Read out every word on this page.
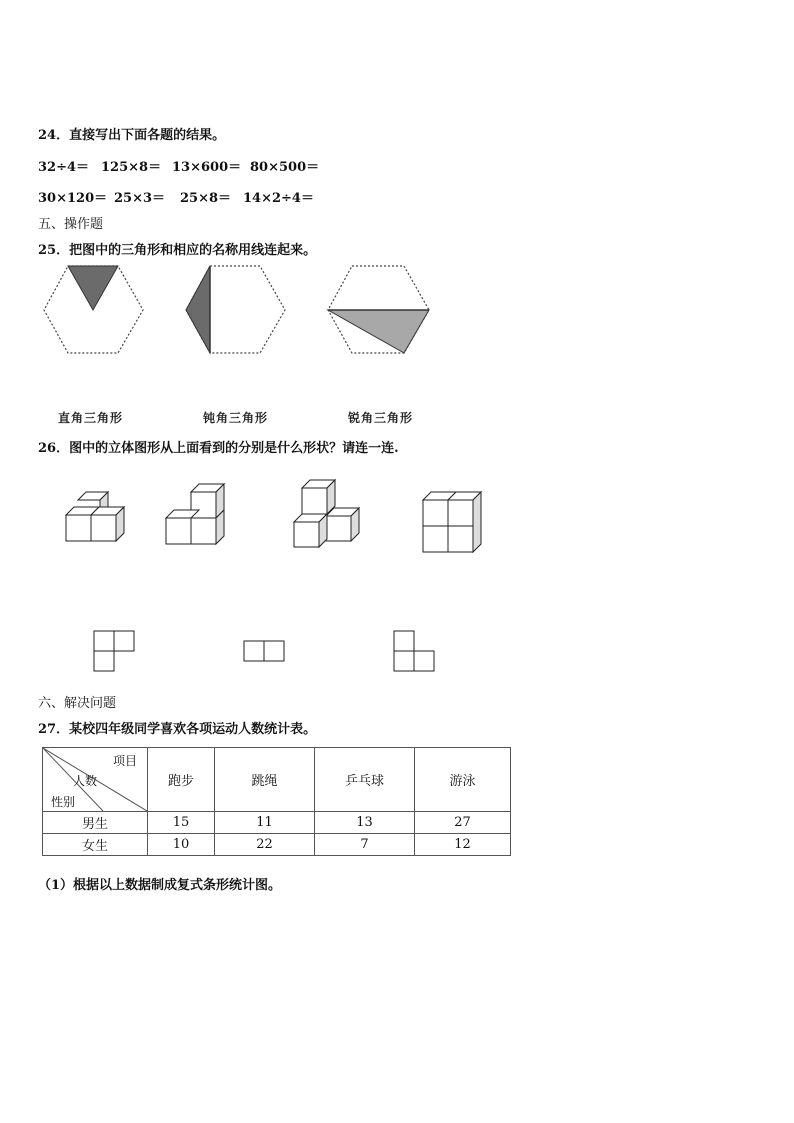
24．直接写出下面各题的结果。
32÷4＝ 125×8＝ 13×600＝ 80×500＝
30×120＝ 25×3＝ 25×8＝ 14×2÷4＝
五、操作题
25．把图中的三角形和相应的名称用线连起来。
直角三角形	钝角三角形	锐角三角形
26．图中的立体图形从上面看到的分别是什么形状？请连一连.
六、解决问题
27．某校四年级同学喜欢各项运动人数统计表。
项目
人数
性别	跑步	跳绳	乒乓球	游泳
男生	15	11	13	27
女生	10	22	7	12
（1）根据以上数据制成复式条形统计图。
